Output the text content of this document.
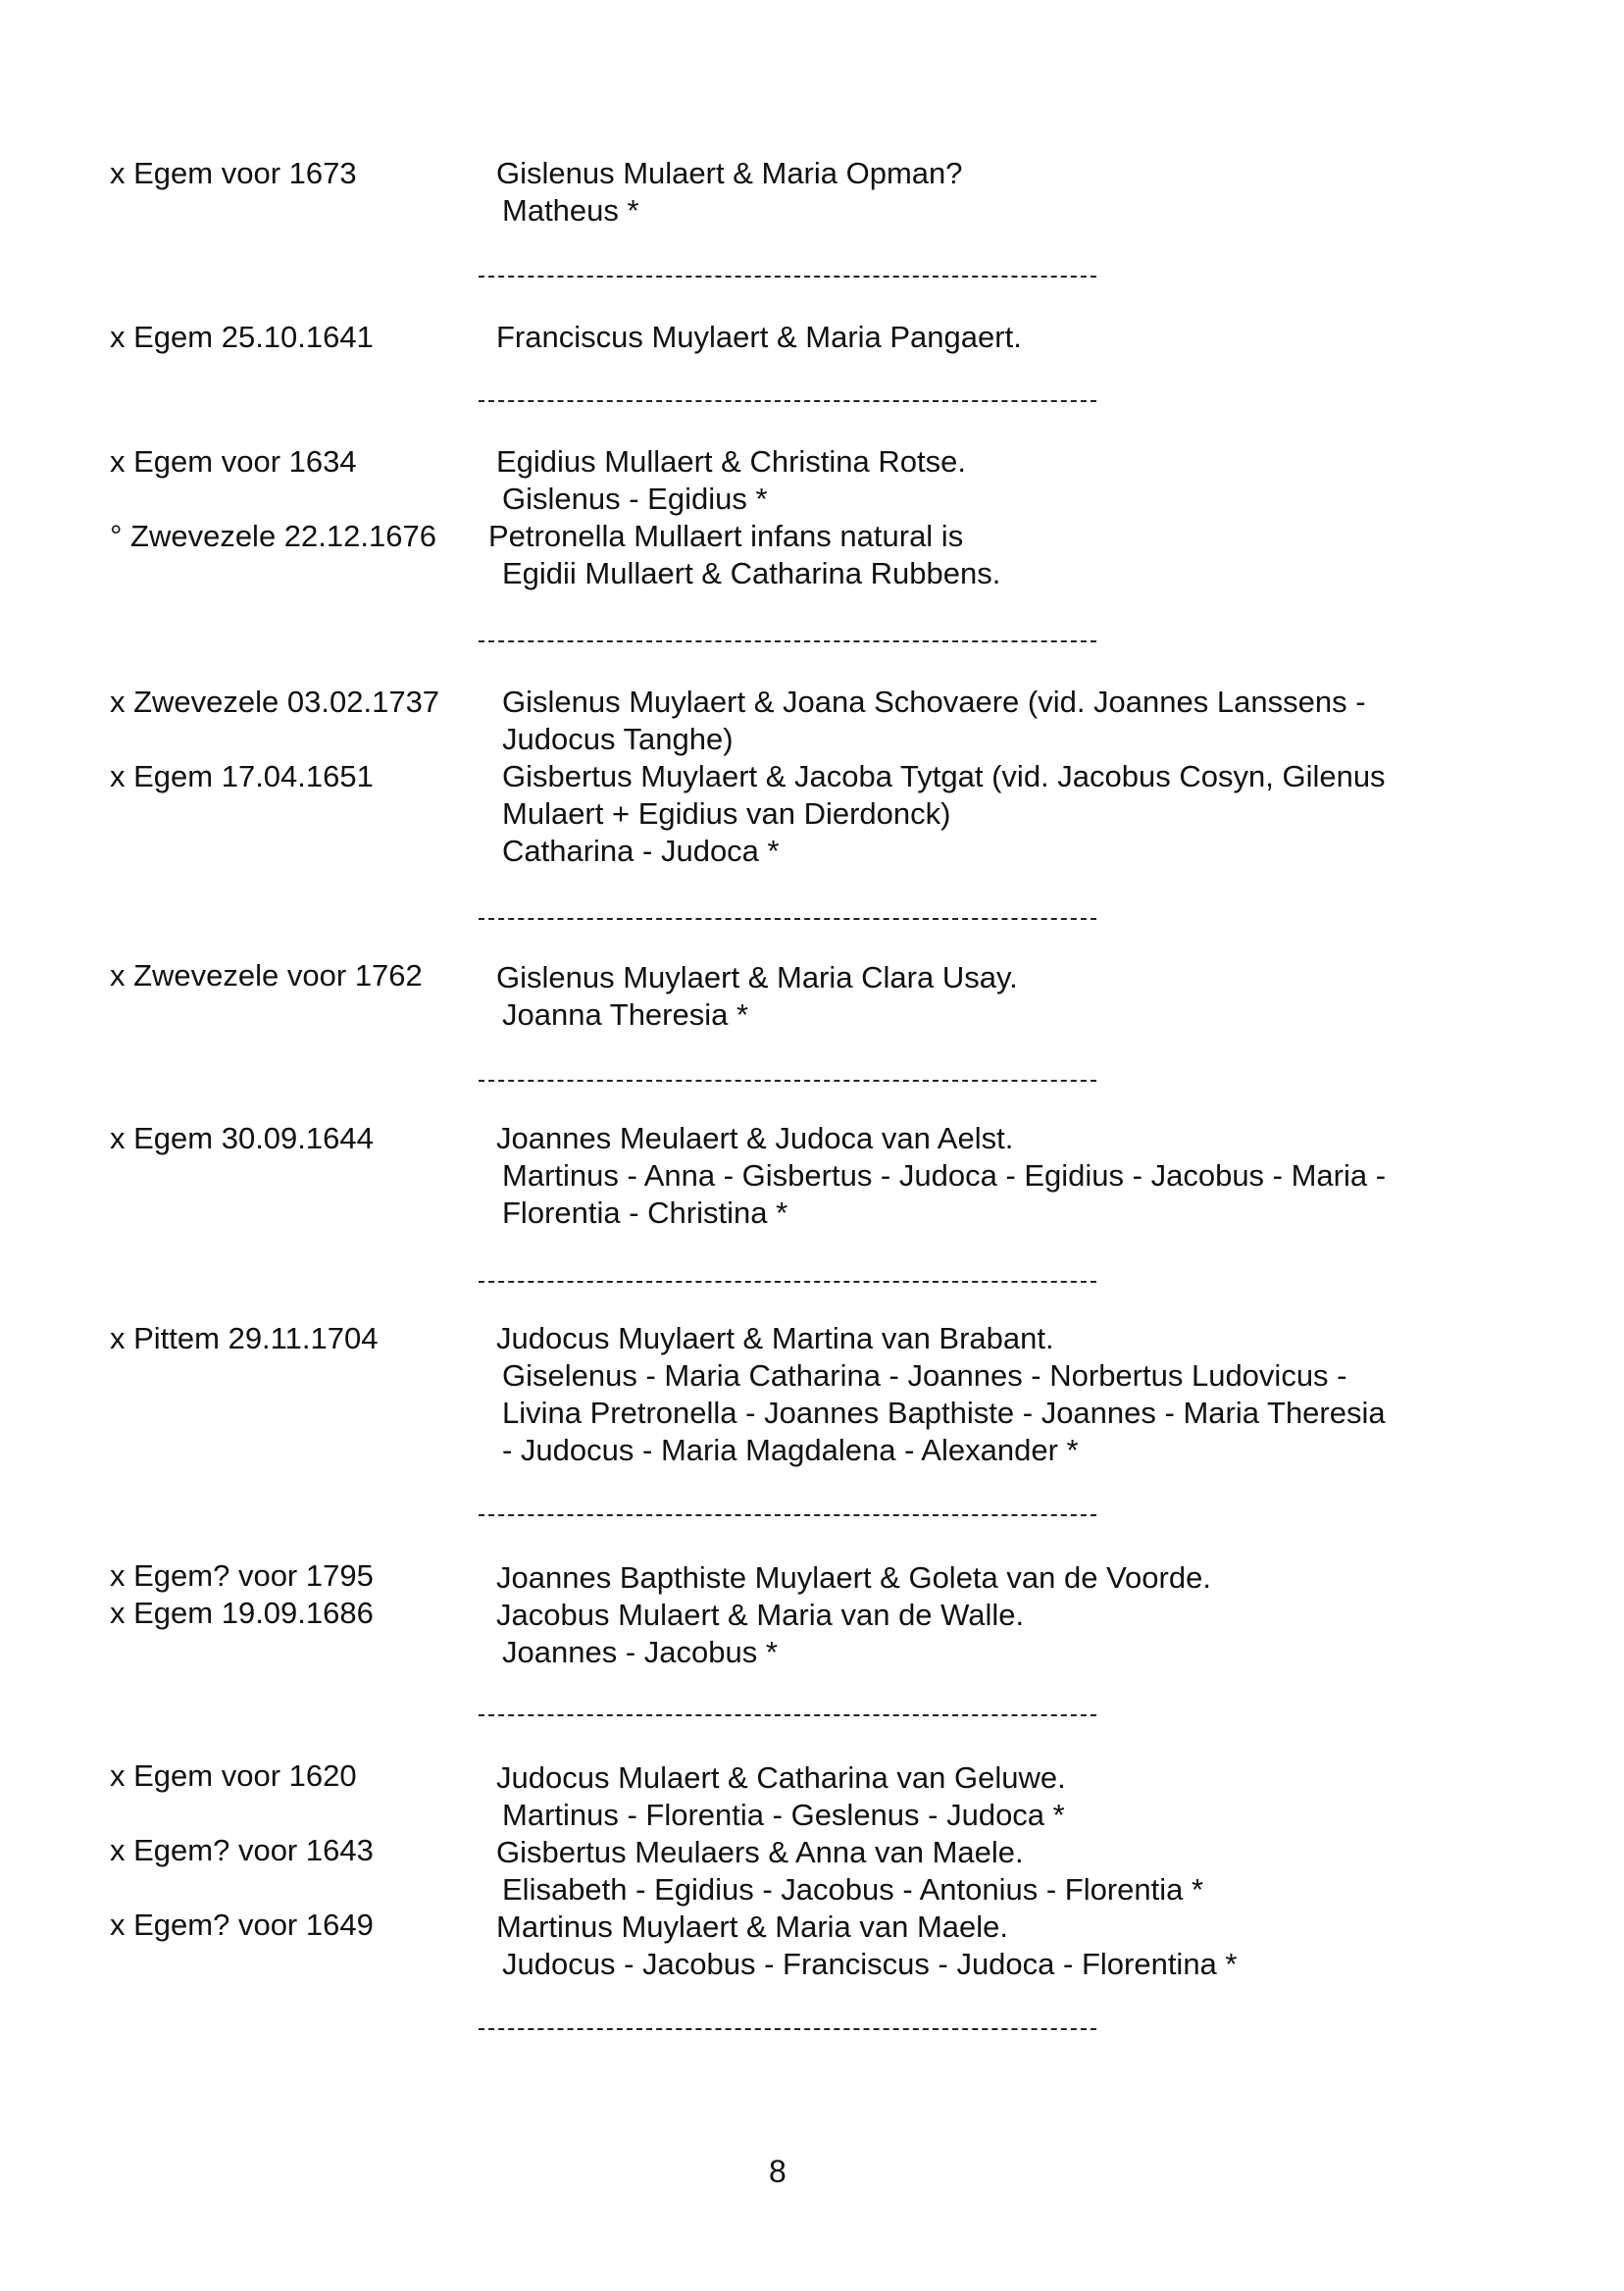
x Egem voor 1673	Gislenus Mulaert & Maria Opman?
Matheus *
x Egem 25.10.1641	Franciscus Muylaert & Maria Pangaert.
x Egem voor 1634	Egidius Mullaert & Christina Rotse.
Gislenus - Egidius *
° Zwevezele 22.12.1676 Petronella Mullaert infans natural is
Egidii Mullaert & Catharina Rubbens.
x Zwevezele 03.02.1737 Gislenus Muylaert & Joana Schovaere (vid. Joannes Lanssens -
Judocus Tanghe)
x Egem 17.04.1651	Gisbertus Muylaert & Jacoba Tytgat (vid. Jacobus Cosyn, Gilenus
Mulaert + Egidius van Dierdonck)
Catharina - Judoca *
x Zwevezele voor 1762 Gislenus Muylaert & Maria Clara Usay.
Joanna Theresia *
x Egem 30.09.1644	Joannes Meulaert & Judoca van Aelst.
Martinus - Anna - Gisbertus - Judoca - Egidius - Jacobus - Maria -
Florentia - Christina *
x Pittem 29.11.1704	Judocus Muylaert & Martina van Brabant.
Giselenus - Maria Catharina - Joannes - Norbertus Ludovicus -
Livina Pretronella - Joannes Bapthiste - Joannes - Maria Theresia
- Judocus - Maria Magdalena - Alexander *
x Egem? voor 1795	Joannes Bapthiste Muylaert & Goleta van de Voorde.
x Egem 19.09.1686	Jacobus Mulaert & Maria van de Walle.
Joannes - Jacobus *
x Egem voor 1620	Judocus Mulaert & Catharina van Geluwe.
Martinus - Florentia - Geslenus - Judoca *
x Egem? voor 1643	Gisbertus Meulaers & Anna van Maele.
Elisabeth - Egidius - Jacobus - Antonius - Florentia *
x Egem? voor 1649	Martinus Muylaert & Maria van Maele.
Judocus - Jacobus - Franciscus - Judoca - Florentina *
8
